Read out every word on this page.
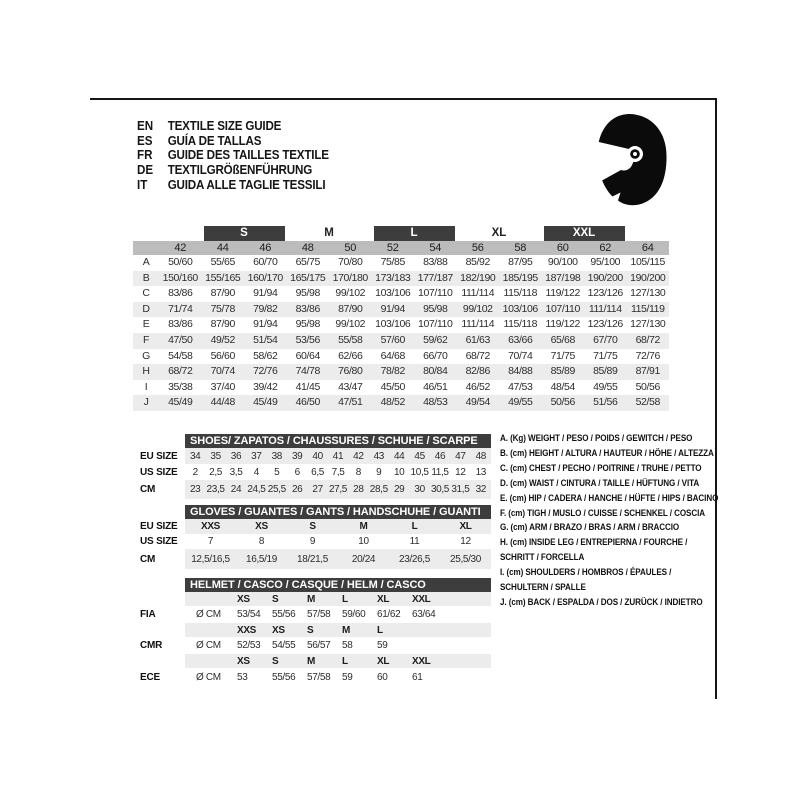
EN	TEXTILE SIZE GUIDE
ES	GUÍA DE TALLAS
FR	GUIDE DES TAILLES TEXTILE
DE	TEXTILGRÖßENFÜHRUNG
IT	GUIDA ALLE TAGLIE TESSILI
S	M	L	XL	XXL
42	44	46	48	50	52	54	56	58	60	62	64
A	50/60	55/65	60/70	65/75	70/80	75/85	83/88	85/92	87/95	90/100	95/100 105/115
B	150/160 155/165 160/170 165/175 170/180 173/183 177/187 182/190 185/195 187/198 190/200 190/200
C	83/86	87/90	91/94	95/98	99/102 103/106 107/110 111/114 115/118 119/122 123/126 127/130
D	71/74	75/78	79/82	83/86	87/90	91/94	95/98	99/102 103/106 107/110 111/114 115/119
E	83/86	87/90	91/94	95/98	99/102 103/106 107/110 111/114 115/118 119/122 123/126 127/130
F	47/50	49/52	51/54	53/56	55/58	57/60	59/62	61/63	63/66	65/68	67/70	68/72
G	54/58	56/60	58/62	60/64	62/66	64/68	66/70	68/72	70/74	71/75	71/75	72/76
H	68/72	70/74	72/76	74/78	76/80	78/82	80/84	82/86	84/88	85/89	85/89	87/91
I	35/38	37/40	39/42	41/45	43/47	45/50	46/51	46/52	47/53	48/54	49/55	50/56
J	45/49	44/48	45/49	46/50	47/51	48/52	48/53	49/54	49/55	50/56	51/56	52/58
SHOES/ ZAPATOS / CHAUSSURES / SCHUHE / SCARPE
EU SIZE	34 35 36 37 38 39 40 41 42 43 44 45 46 47 48
US SIZE	2	2,5 3,5	4	5	6	6,5 7,5	8	9	10 10,5 11,5 12 13
CM	23 23,5 24 24,5 25,5 26 27 27,5 28 28,5 29 30 30,5 31,5 32
GLOVES / GUANTES / GANTS / HANDSCHUHE / GUANTI
EU SIZE	XXS	XS	S	M	L	XL
US SIZE	7	8	9	10	11	12
CM	12,5/16,5	16,5/19	18/21,5	20/24	23/26,5	25,5/30
HELMET / CASCO / CASQUE / HELM / CASCO
XS	S	M	L	XL	XXL
FIA	Ø CM	53/54	55/56	57/58	59/60	61/62	63/64
XXS	XS	S	M	L
CMR	Ø CM	52/53	54/55	56/57	58	59
XS	S	M	L	XL	XXL
ECE	Ø CM	53	55/56	57/58	59	60	61
A. (Kg) WEIGHT / PESO / POIDS / GEWITCH / PESO
B. (cm) HEIGHT / ALTURA / HAUTEUR / HÖHE / ALTEZZA
C. (cm) CHEST / PECHO / POITRINE / TRUHE / PETTO
D. (cm) WAIST / CINTURA / TAILLE / HÜFTUNG / VITA
E. (cm) HIP / CADERA / HANCHE / HÜFTE / HIPS / BACINO
F. (cm) TIGH / MUSLO / CUISSE / SCHENKEL / COSCIA
G. (cm) ARM / BRAZO / BRAS / ARM / BRACCIO
H. (cm) INSIDE LEG / ENTREPIERNA / FOURCHE / SCHRITT / FORCELLA
I. (cm) SHOULDERS / HOMBROS / ÉPAULES / SCHULTERN / SPALLE
J. (cm) BACK / ESPALDA / DOS / ZURÜCK / INDIETRO
